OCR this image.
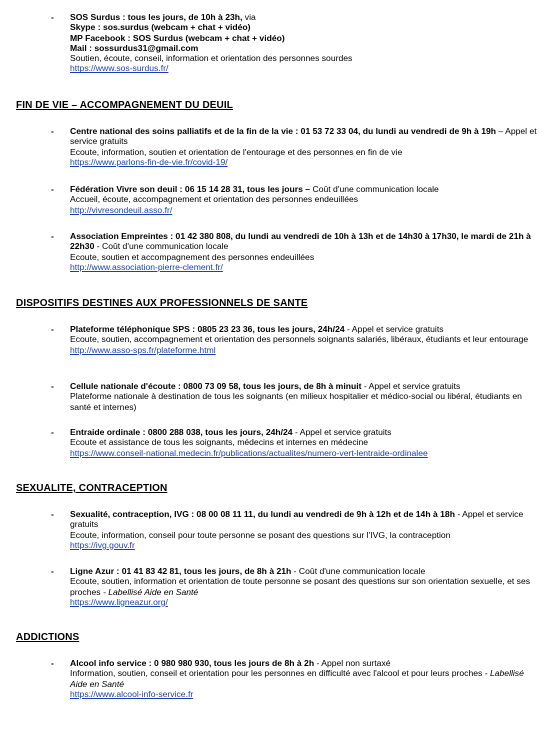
- SOS Surdus : tous les jours, de 10h à 23h, via
Skype : sos.surdus (webcam + chat + vidéo)
MP Facebook : SOS Surdus (webcam + chat + vidéo)
Mail : sossurdus31@gmail.com
Soutien, écoute, conseil, information et orientation des personnes sourdes
https://www.sos-surdus.fr/
FIN DE VIE – ACCOMPAGNEMENT DU DEUIL
- Centre national des soins palliatifs et de la fin de la vie : 01 53 72 33 04, du lundi au vendredi de 9h à 19h – Appel et service gratuits
Ecoute, information, soutien et orientation de l'entourage et des personnes en fin de vie
https://www.parlons-fin-de-vie.fr/covid-19/
- Fédération Vivre son deuil : 06 15 14 28 31, tous les jours – Coût d'une communication locale
Accueil, écoute, accompagnement et orientation des personnes endeuillées
http://vivresondeuil.asso.fr/
- Association Empreintes : 01 42 380 808, du lundi au vendredi de 10h à 13h et de 14h30 à 17h30, le mardi de 21h à 22h30 - Coût d'une communication locale
Ecoute, soutien et accompagnement des personnes endeuillées
http://www.association-pierre-clement.fr/
DISPOSITIFS DESTINES AUX PROFESSIONNELS DE SANTE
- Plateforme téléphonique SPS : 0805 23 23 36, tous les jours, 24h/24 - Appel et service gratuits
Ecoute, soutien, accompagnement et orientation des personnels soignants salariés, libéraux, étudiants et leur entourage
http://www.asso-sps.fr/plateforme.html
- Cellule nationale d'écoute : 0800 73 09 58, tous les jours, de 8h à minuit - Appel et service gratuits
Plateforme nationale à destination de tous les soignants (en milieux hospitalier et médico-social ou libéral, étudiants en santé et internes)
- Entraide ordinale : 0800 288 038, tous les jours, 24h/24 - Appel et service gratuits
Ecoute et assistance de tous les soignants, médecins et internes en médecine
https://www.conseil-national.medecin.fr/publications/actualites/numero-vert-lentraide-ordinalee
SEXUALITE, CONTRACEPTION
- Sexualité, contraception, IVG : 08 00 08 11 11, du lundi au vendredi de 9h à 12h et de 14h à 18h - Appel et service gratuits
Ecoute, information, conseil pour toute personne se posant des questions sur l'IVG, la contraception
https://ivg.gouv.fr
- Ligne Azur : 01 41 83 42 81, tous les jours, de 8h à 21h - Coût d'une communication locale
Ecoute, soutien, information et orientation de toute personne se posant des questions sur son orientation sexuelle, et ses proches - Labellisé Aide en Santé
https://www.ligneazur.org/
ADDICTIONS
- Alcool info service : 0 980 980 930, tous les jours de 8h à 2h - Appel non surtaxé
Information, soutien, conseil et orientation pour les personnes en difficulté avec l'alcool et pour leurs proches - Labellisé Aide en Santé
https://www.alcool-info-service.fr
